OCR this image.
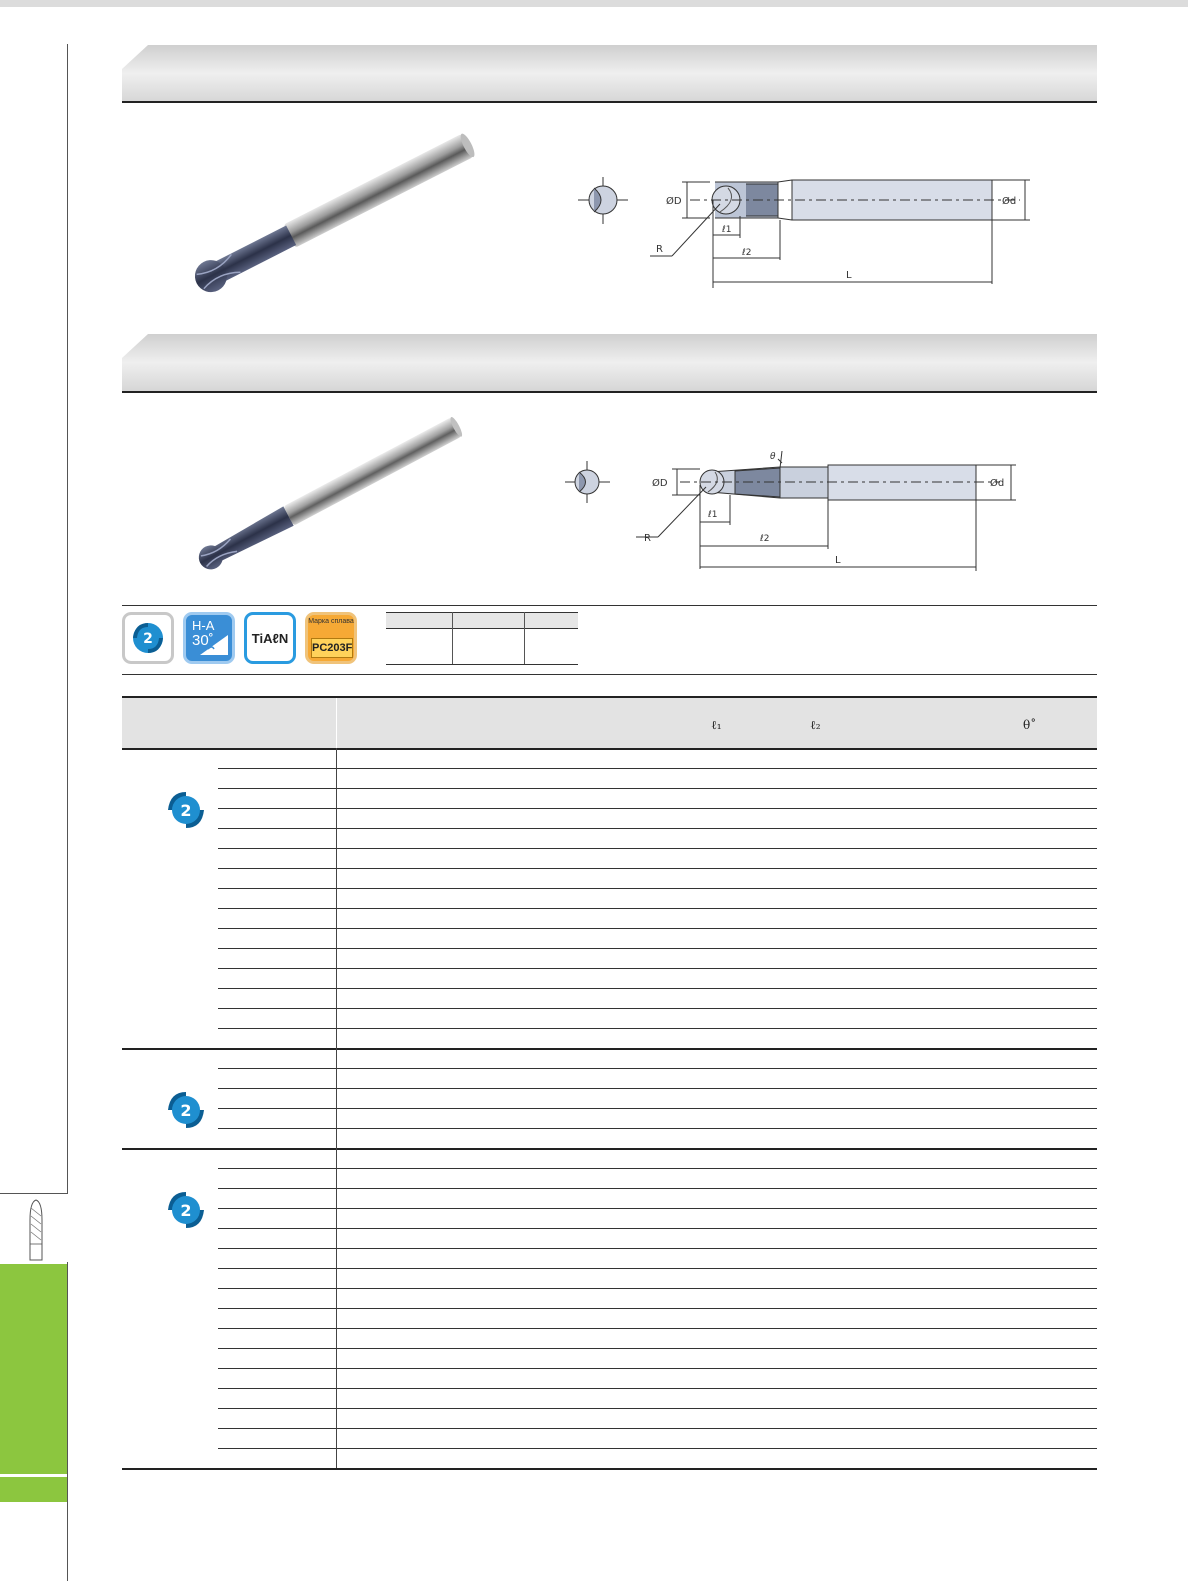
ØD	Ød
R
ℓ1
ℓ2
L
ØD	Ød
R
ℓ1
ℓ2
L
θ
2
H-A
30˚	TiAℓN
Марка сплава
PC203F
ℓ₁	ℓ₂	θ˚
2
2
2
